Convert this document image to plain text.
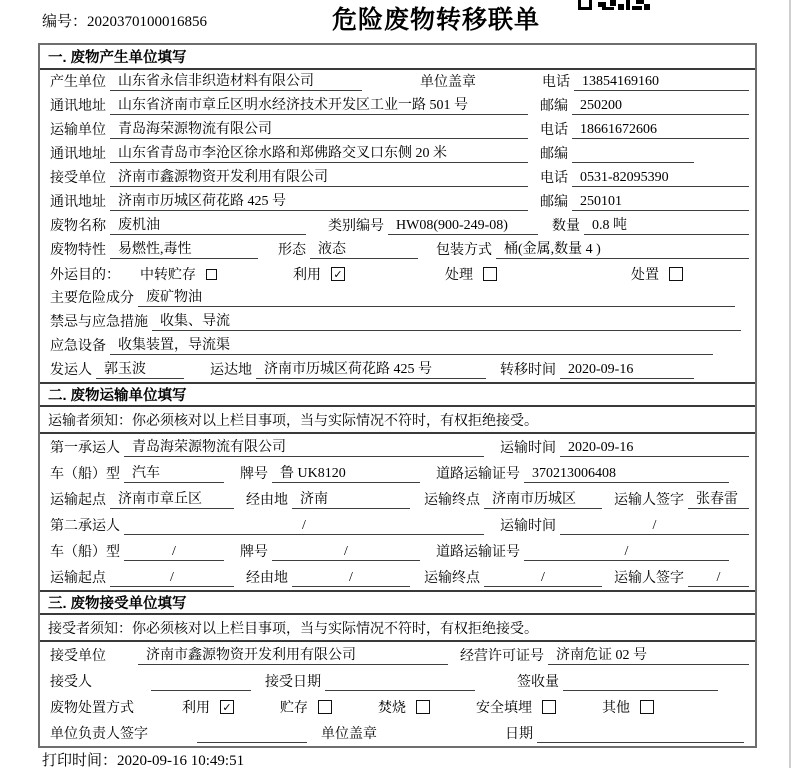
编号：2020370100016856	危险废物转移联单
一. 废物产生单位填写
产生单位 山东省永信非织造材料有限公司	单位盖章	电话 13854169160
通讯地址 山东省济南市章丘区明水经济技术开发区工业一路 501 号	邮编 250200
运输单位 青岛海荣源物流有限公司	电话 18661672606
通讯地址 山东省青岛市李沧区徐水路和郑佛路交叉口东侧 20 米	邮编
接受单位 济南市鑫源物资开发利用有限公司	电话 0531-82095390
通讯地址 济南市历城区荷花路 425 号	邮编 250101
废物名称 废机油	类别编号 HW08(900-249-08)	数量 0.8 吨
废物特性 易燃性,毒性	形态 液态	包装方式 桶(金属,数量 4 )
外运目的： 中转贮存	利用	✓	处理	处置
主要危险成分 废矿物油
禁忌与应急措施 收集、导流
应急设备 收集装置，导流渠
发运人 郭玉波	运达地 济南市历城区荷花路 425 号	转移时间 2020-09-16
二. 废物运输单位填写
运输者须知：你必须核对以上栏目事项，当与实际情况不符时，有权拒绝接受。
第一承运人 青岛海荣源物流有限公司	运输时间 2020-09-16
车（船）型 汽车	牌号 鲁 UK8120	道路运输证号 370213006408
运输起点 济南市章丘区	经由地 济南	运输终点 济南市历城区	运输人签字 张春雷
第二承运人	/	运输时间	/
车（船）型	/	牌号	/	道路运输证号	/
运输起点	/	经由地	/	运输终点	/	运输人签字	/
三. 废物接受单位填写
接受者须知：你必须核对以上栏目事项，当与实际情况不符时，有权拒绝接受。
接受单位	济南市鑫源物资开发利用有限公司	经营许可证号 济南危证 02 号
接受人	接受日期	签收量
废物处置方式	利用	✓	贮存	焚烧	安全填埋	其他
单位负责人签字	单位盖章	日期
打印时间：2020-09-16 10:49:51
